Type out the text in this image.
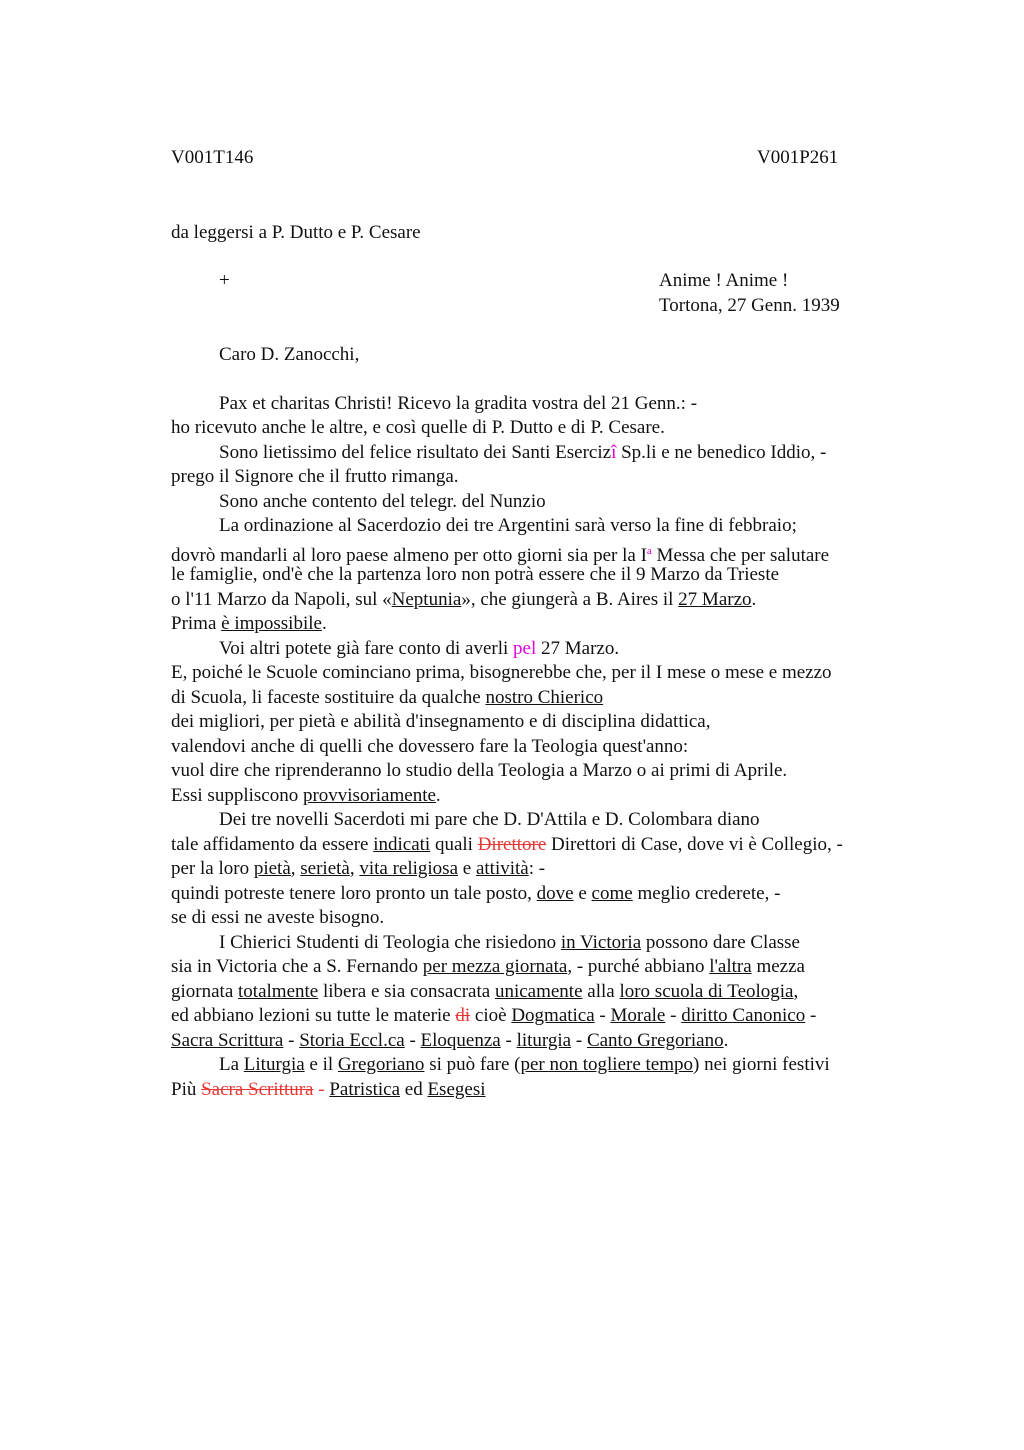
V001T146	V001P261
da leggersi a P. Dutto e P. Cesare
+	Anime ! Anime !
Tortona, 27 Genn. 1939
Caro D. Zanocchi,
Pax et charitas Christi! Ricevo la gradita vostra del 21 Genn.: -
ho ricevuto anche le altre, e così quelle di P. Dutto e di P. Cesare.
Sono lietissimo del felice risultato dei Santi Esercizî Sp.li e ne benedico Iddio, -
prego il Signore che il frutto rimanga.
Sono anche contento del telegr. del Nunzio
La ordinazione al Sacerdozio dei tre Argentini sarà verso la fine di febbraio;
dovrò mandarli al loro paese almeno per otto giorni sia per la $I^a$ Messa che per salutare
le famiglie, ond'è che la partenza loro non potrà essere che il 9 Marzo da Trieste
o l'11 Marzo da Napoli, sul «Neptunia», che giungerà a B. Aires il 27 Marzo.
Prima è impossibile.
Voi altri potete già fare conto di averli pel 27 Marzo.
E, poiché le Scuole cominciano prima, bisognerebbe che, per il I mese o mese e mezzo
di Scuola, li faceste sostituire da qualche nostro Chierico
dei migliori, per pietà e abilità d'insegnamento e di disciplina didattica,
valendovi anche di quelli che dovessero fare la Teologia quest'anno:
vuol dire che riprenderanno lo studio della Teologia a Marzo o ai primi di Aprile.
Essi suppliscono provvisoriamente.
Dei tre novelli Sacerdoti mi pare che D. D'Attila e D. Colombara diano
tale affidamento da essere indicati quali Direttore Direttori di Case, dove vi è Collegio, -
per la loro pietà, serietà, vita religiosa e attività: -
quindi potreste tenere loro pronto un tale posto, dove e come meglio crederete, -
se di essi ne aveste bisogno.
I Chierici Studenti di Teologia che risiedono in Victoria possono dare Classe
sia in Victoria che a S. Fernando per mezza giornata, - purché abbiano l'altra mezza
giornata totalmente libera e sia consacrata unicamente alla loro scuola di Teologia,
ed abbiano lezioni su tutte le materie di cioè Dogmatica - Morale - diritto Canonico -
Sacra Scrittura - Storia Eccl.ca - Eloquenza - liturgia - Canto Gregoriano.
La Liturgia e il Gregoriano si può fare (per non togliere tempo) nei giorni festivi
Più Sacra Scrittura - Patristica ed Esegesi
